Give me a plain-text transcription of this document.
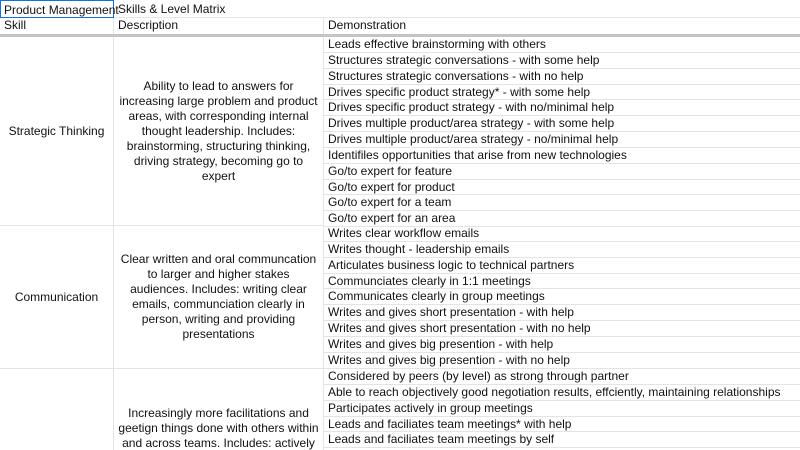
Product Management Skills & Level Matrix
Skill	Description	Demonstration
Strategic Thinking
Ability to lead to answers for increasing large problem and product areas, with corresponding internal thought leadership. Includes: brainstorming, structuring thinking, driving strategy, becoming go to expert
Leads effective brainstorming with others
Structures strategic conversations - with some help
Structures strategic conversations - with no help
Drives specific product strategy* - with some help
Drives specific product strategy - with no/minimal help
Drives multiple product/area strategy - with some help
Drives multiple product/area strategy - no/minimal help
Identifiles opportunities that arise from new technologies
Go/to expert for feature
Go/to expert for product
Go/to expert for a team
Go/to expert for an area
Communication
Clear written and oral communcation to larger and higher stakes audiences. Includes: writing clear emails, communciation clearly in person, writing and providing presentations
Writes clear workflow emails
Writes thought - leadership emails
Articulates business logic to technical partners
Communciates clearly in 1:1 meetings
Communicates clearly in group meetings
Writes and gives short presentation - with help
Writes and gives short presentation - with no help
Writes and gives big presention - with help
Writes and gives big presention - with no help
Increasingly more facilitations and geetign things done with others within and across teams. Includes: actively
Considered by peers (by level) as strong through partner
Able to reach objectively good negotiation results, effciently, maintaining relationships
Participates actively in group meetings
Leads and faciliates team meetings* with help
Leads and faciliates team meetings by self
